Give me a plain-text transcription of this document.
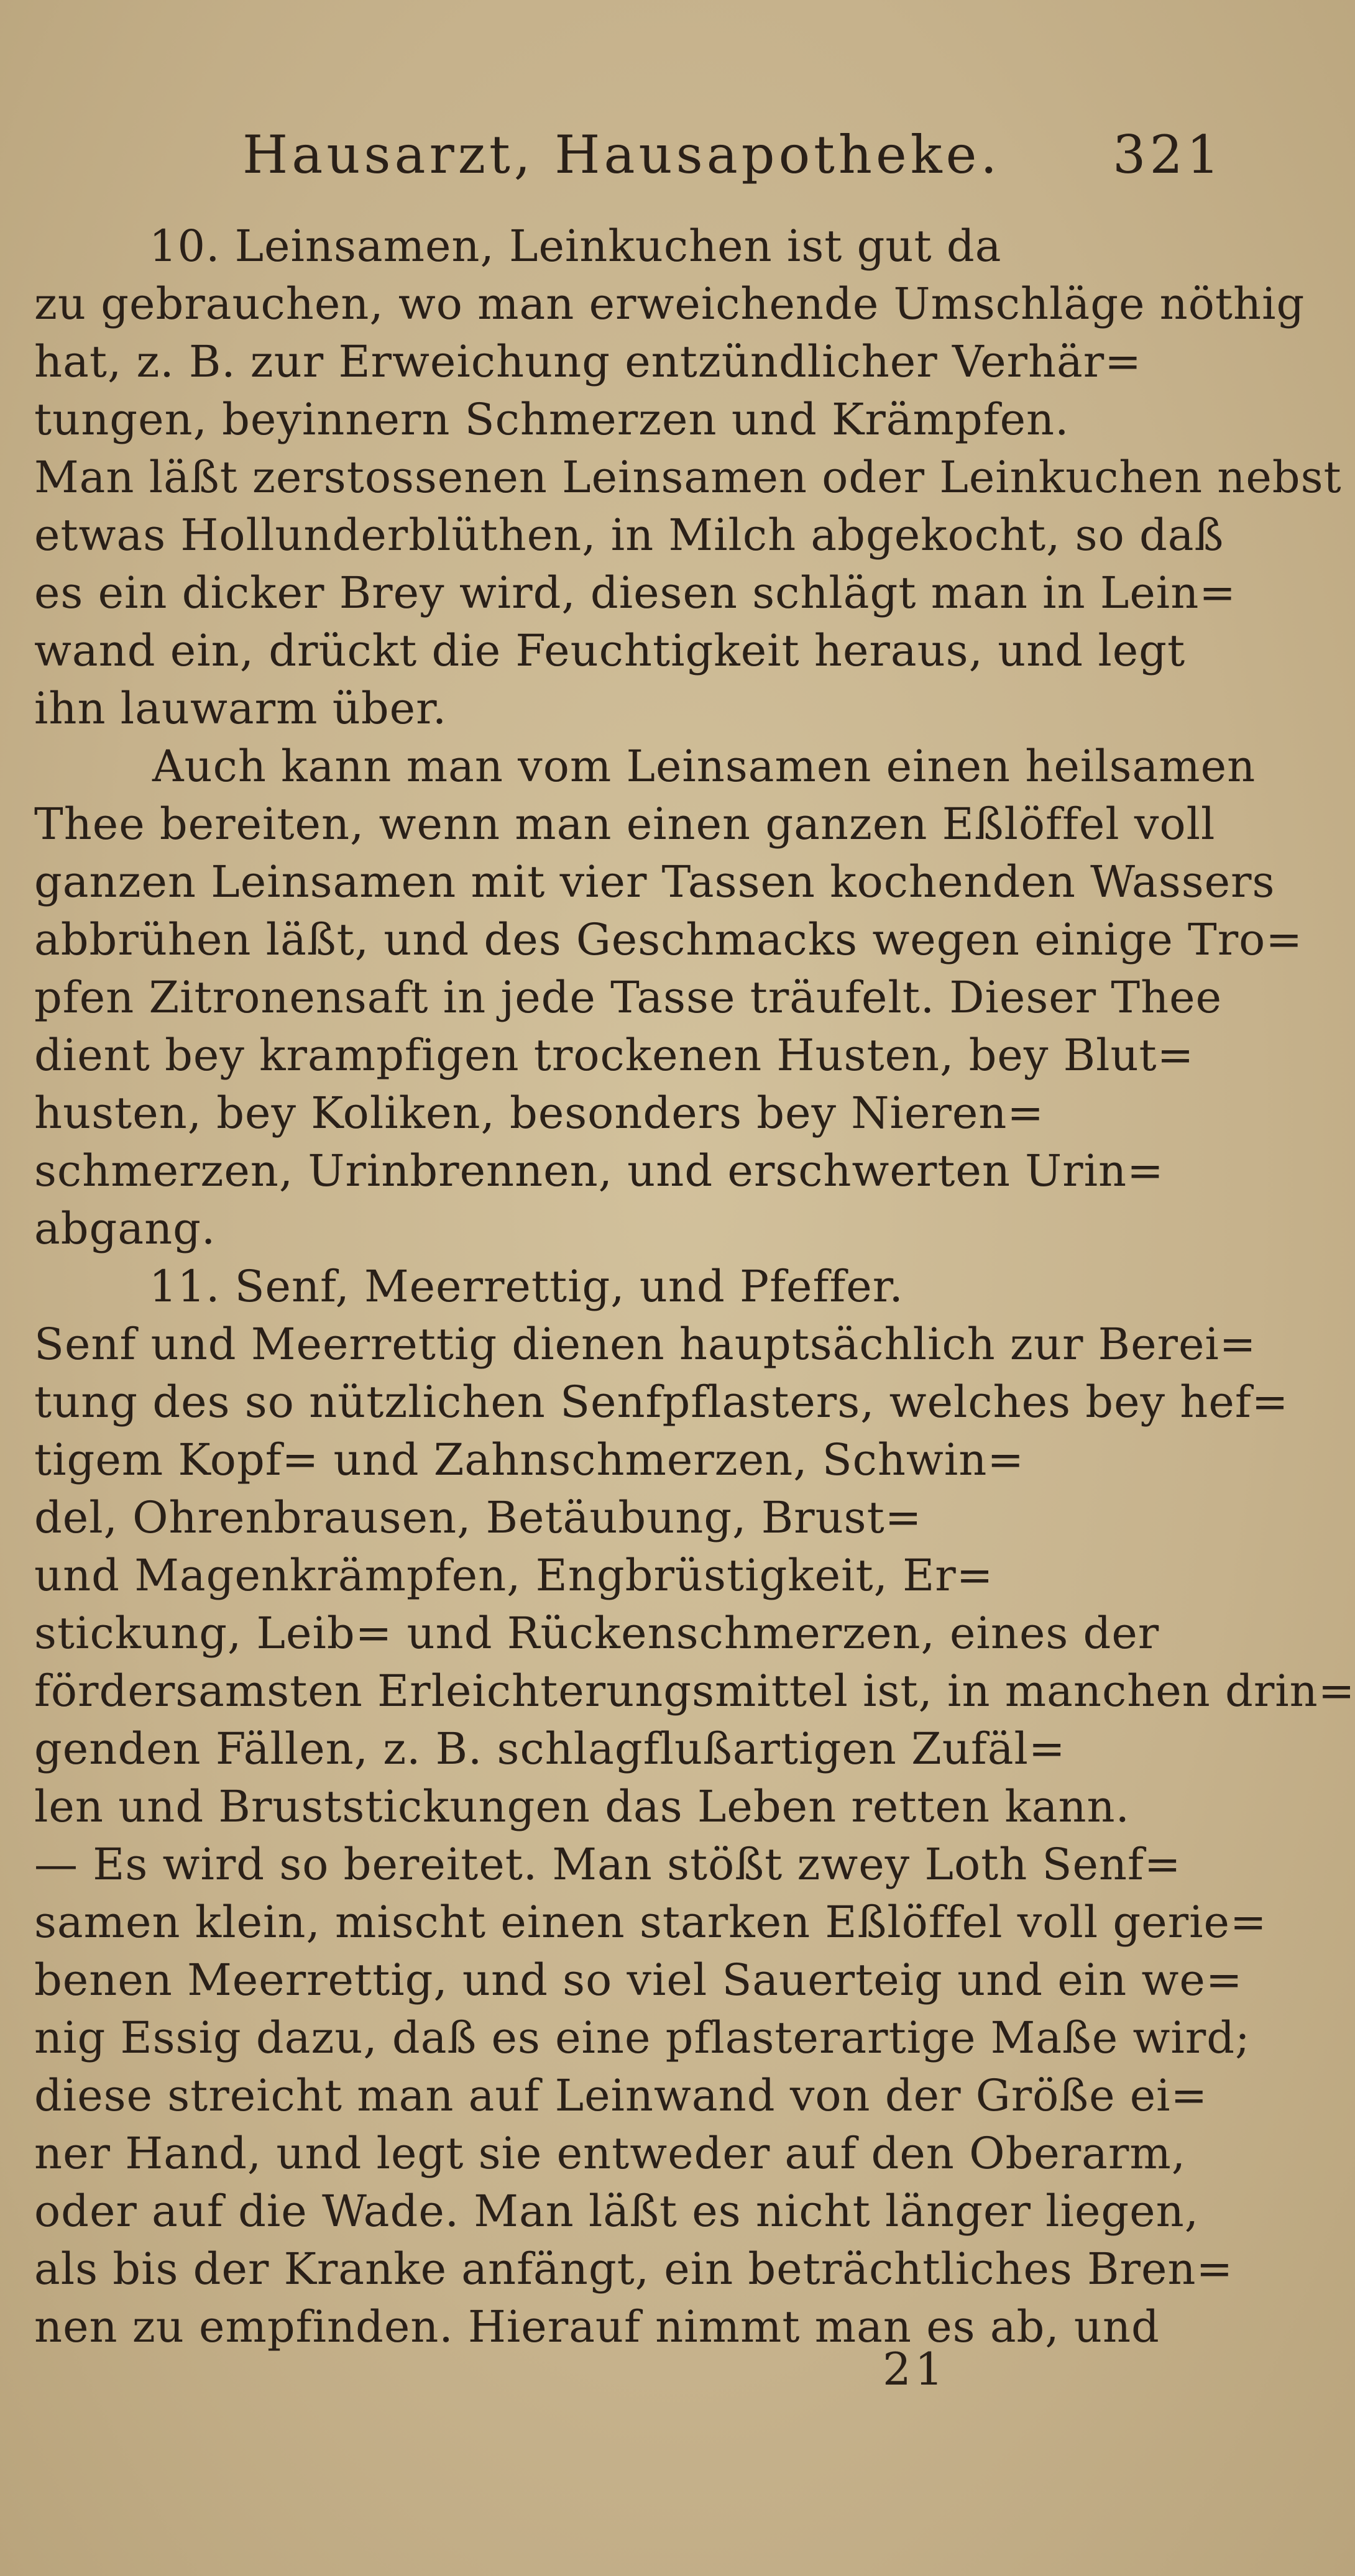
Hausarzt, Hausapotheke. 321
10. Leinsamen, Leinkuchen ist gut da
zu gebrauchen, wo man erweichende Umschläge nöthig
hat, z. B. zur Erweichung entzündlicher Verhär=
tungen, beyinnern Schmerzen und Krämpfen.
Man läßt zerstossenen Leinsamen oder Leinkuchen nebst
etwas Hollunderblüthen, in Milch abgekocht, so daß
es ein dicker Brey wird, diesen schlägt man in Lein=
wand ein, drückt die Feuchtigkeit heraus, und legt
ihn lauwarm über.
Auch kann man vom Leinsamen einen heilsamen
Thee bereiten, wenn man einen ganzen Eßlöffel voll
ganzen Leinsamen mit vier Tassen kochenden Wassers
abbrühen läßt, und des Geschmacks wegen einige Tro=
pfen Zitronensaft in jede Tasse träufelt. Dieser Thee
dient bey krampfigen trockenen Husten, bey Blut=
husten, bey Koliken, besonders bey Nieren=
schmerzen, Urinbrennen, und erschwerten Urin=
abgang.
11. Senf, Meerrettig, und Pfeffer.
Senf und Meerrettig dienen hauptsächlich zur Berei=
tung des so nützlichen Senfpflasters, welches bey hef=
tigem Kopf= und Zahnschmerzen, Schwin=
del, Ohrenbrausen, Betäubung, Brust=
und Magenkrämpfen, Engbrüstigkeit, Er=
stickung, Leib= und Rückenschmerzen, eines der
fördersamsten Erleichterungsmittel ist, in manchen drin=
genden Fällen, z. B. schlagflußartigen Zufäl=
len und Bruststickungen das Leben retten kann.
— Es wird so bereitet. Man stößt zwey Loth Senf=
samen klein, mischt einen starken Eßlöffel voll gerie=
benen Meerrettig, und so viel Sauerteig und ein we=
nig Essig dazu, daß es eine pflasterartige Maße wird;
diese streicht man auf Leinwand von der Größe ei=
ner Hand, und legt sie entweder auf den Oberarm,
oder auf die Wade. Man läßt es nicht länger liegen,
als bis der Kranke anfängt, ein beträchtliches Bren=
nen zu empfinden. Hierauf nimmt man es ab, und
21
